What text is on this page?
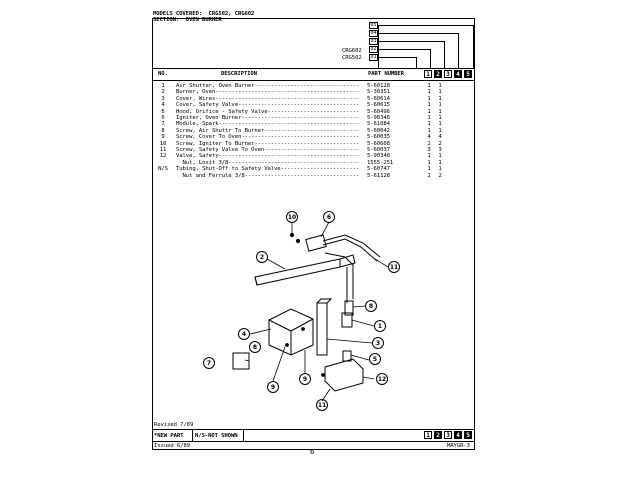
MODELS COVERED:  CRG502, CRG602
SECTION:  OVEN BURNER
05
04
03
02
01
CRG602
CRG502
NO.	DESCRIPTION	PART NUMBER	1	2	3	4	5
1	Air Shutter, Oven Burner--------------------------------	5-60128	1	1
2	Burner, Oven--------------------------------------------	5-30351	1	1
3	Cover, Wires--------------------------------------------	5-60614	1	1
4	Cover, Safety Valve-------------------------------------	5-60615	1	1
5	Hood, Orifice - Safety Valve----------------------------	5-60496	1	1
6	Igniter, Oven Burner------------------------------------	5-90346	1	1
7	Module, Spark-------------------------------------------	5-61084	1	1
8	Screw, Air Shuttr To Burner-----------------------------	5-60042	1	1
9	Screw, Cover To Oven------------------------------------	5-60035	4	4
10	Screw, Igniter To Burner--------------------------------	5-60608	2	2
11	Screw, Safety Valve To Oven-----------------------------	5-60037	3	3
12	Valve, Safety-------------------------------------------	5-90348	1	1
Nut, Loxit 3/8----------------------------------------	1555-251	1	1
N/S	Tubing, Shut-Off to Safety Valve------------------------	5-60747	1	1
Nut and Ferrule 3/8-----------------------------------	5-61128	2	2
10	6
2
11
8
1
4
3
8
7
9
9
5
12
11
Revised 7/89
*NEW PART N/S-NOT SHOWN	1	2	3	4	5
Issued 6/89
6
MAYGR-3
